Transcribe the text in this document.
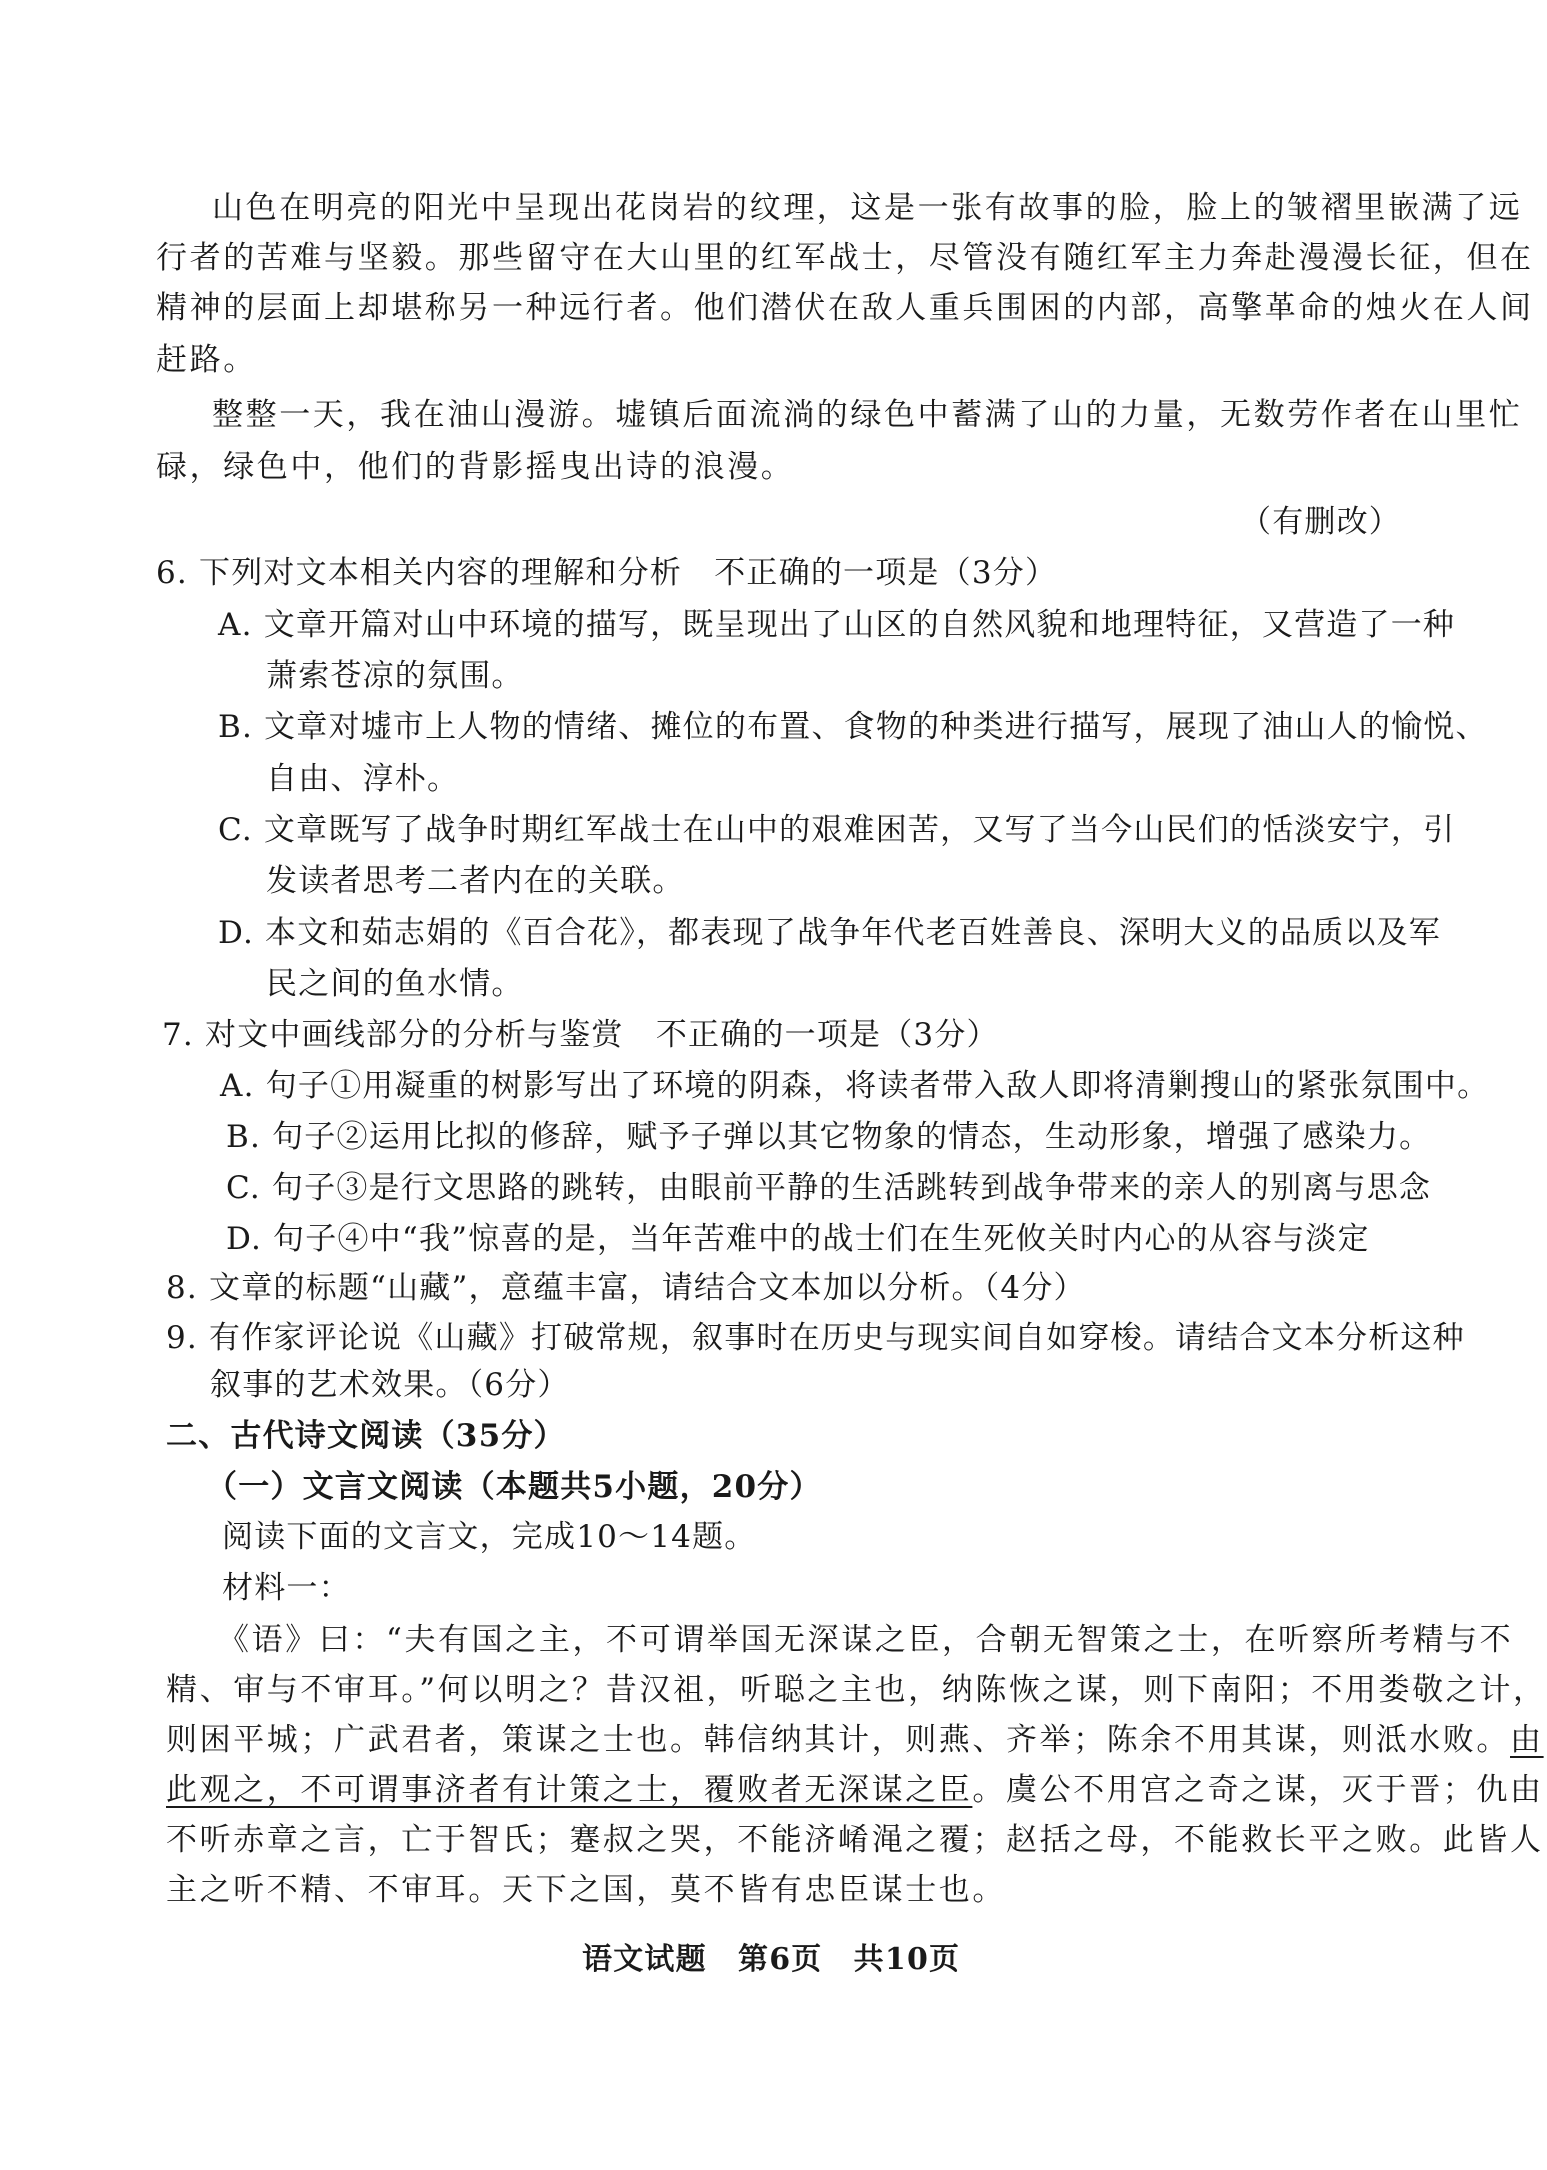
山色在明亮的阳光中呈现出花岗岩的纹理，这是一张有故事的脸，脸上的皱褶里嵌满了远
行者的苦难与坚毅。那些留守在大山里的红军战士，尽管没有随红军主力奔赴漫漫长征，但在
精神的层面上却堪称另一种远行者。他们潜伏在敌人重兵围困的内部，高擎革命的烛火在人间
赶路。
整整一天，我在油山漫游。墟镇后面流淌的绿色中蓄满了山的力量，无数劳作者在山里忙
碌，绿色中，他们的背影摇曳出诗的浪漫。
（有删改）
6. 下列对文本相关内容的理解和分析　不正确的一项是（3分）
A. 文章开篇对山中环境的描写，既呈现出了山区的自然风貌和地理特征，又营造了一种
萧索苍凉的氛围。
B. 文章对墟市上人物的情绪、摊位的布置、食物的种类进行描写，展现了油山人的愉悦、
自由、淳朴。
C. 文章既写了战争时期红军战士在山中的艰难困苦，又写了当今山民们的恬淡安宁，引
发读者思考二者内在的关联。
D. 本文和茹志娟的《百合花》，都表现了战争年代老百姓善良、深明大义的品质以及军
民之间的鱼水情。
7. 对文中画线部分的分析与鉴赏　不正确的一项是（3分）
A. 句子①用凝重的树影写出了环境的阴森，将读者带入敌人即将清剿搜山的紧张氛围中。
B. 句子②运用比拟的修辞，赋予子弹以其它物象的情态，生动形象，增强了感染力。
C. 句子③是行文思路的跳转，由眼前平静的生活跳转到战争带来的亲人的别离与思念
D. 句子④中“我”惊喜的是，当年苦难中的战士们在生死攸关时内心的从容与淡定
8. 文章的标题“山藏”，意蕴丰富，请结合文本加以分析。（4分）
9. 有作家评论说《山藏》打破常规，叙事时在历史与现实间自如穿梭。请结合文本分析这种
叙事的艺术效果。（6分）
二、古代诗文阅读（35分）
（一）文言文阅读（本题共5小题，20分）
阅读下面的文言文，完成10～14题。
材料一：
《语》曰：“夫有国之主，不可谓举国无深谋之臣，合朝无智策之士，在听察所考精与不
精、审与不审耳。”何以明之？昔汉祖，听聪之主也，纳陈恢之谋，则下南阳；不用娄敬之计，
则困平城；广武君者，策谋之士也。韩信纳其计，则燕、齐举；陈余不用其谋，则泜水败。由
此观之，不可谓事济者有计策之士，覆败者无深谋之臣。虞公不用宫之奇之谋，灭于晋；仇由
不听赤章之言，亡于智氏；蹇叔之哭，不能济崤渑之覆；赵括之母，不能救长平之败。此皆人
主之听不精、不审耳。天下之国，莫不皆有忠臣谋士也。
语文试题　第6页　共10页
